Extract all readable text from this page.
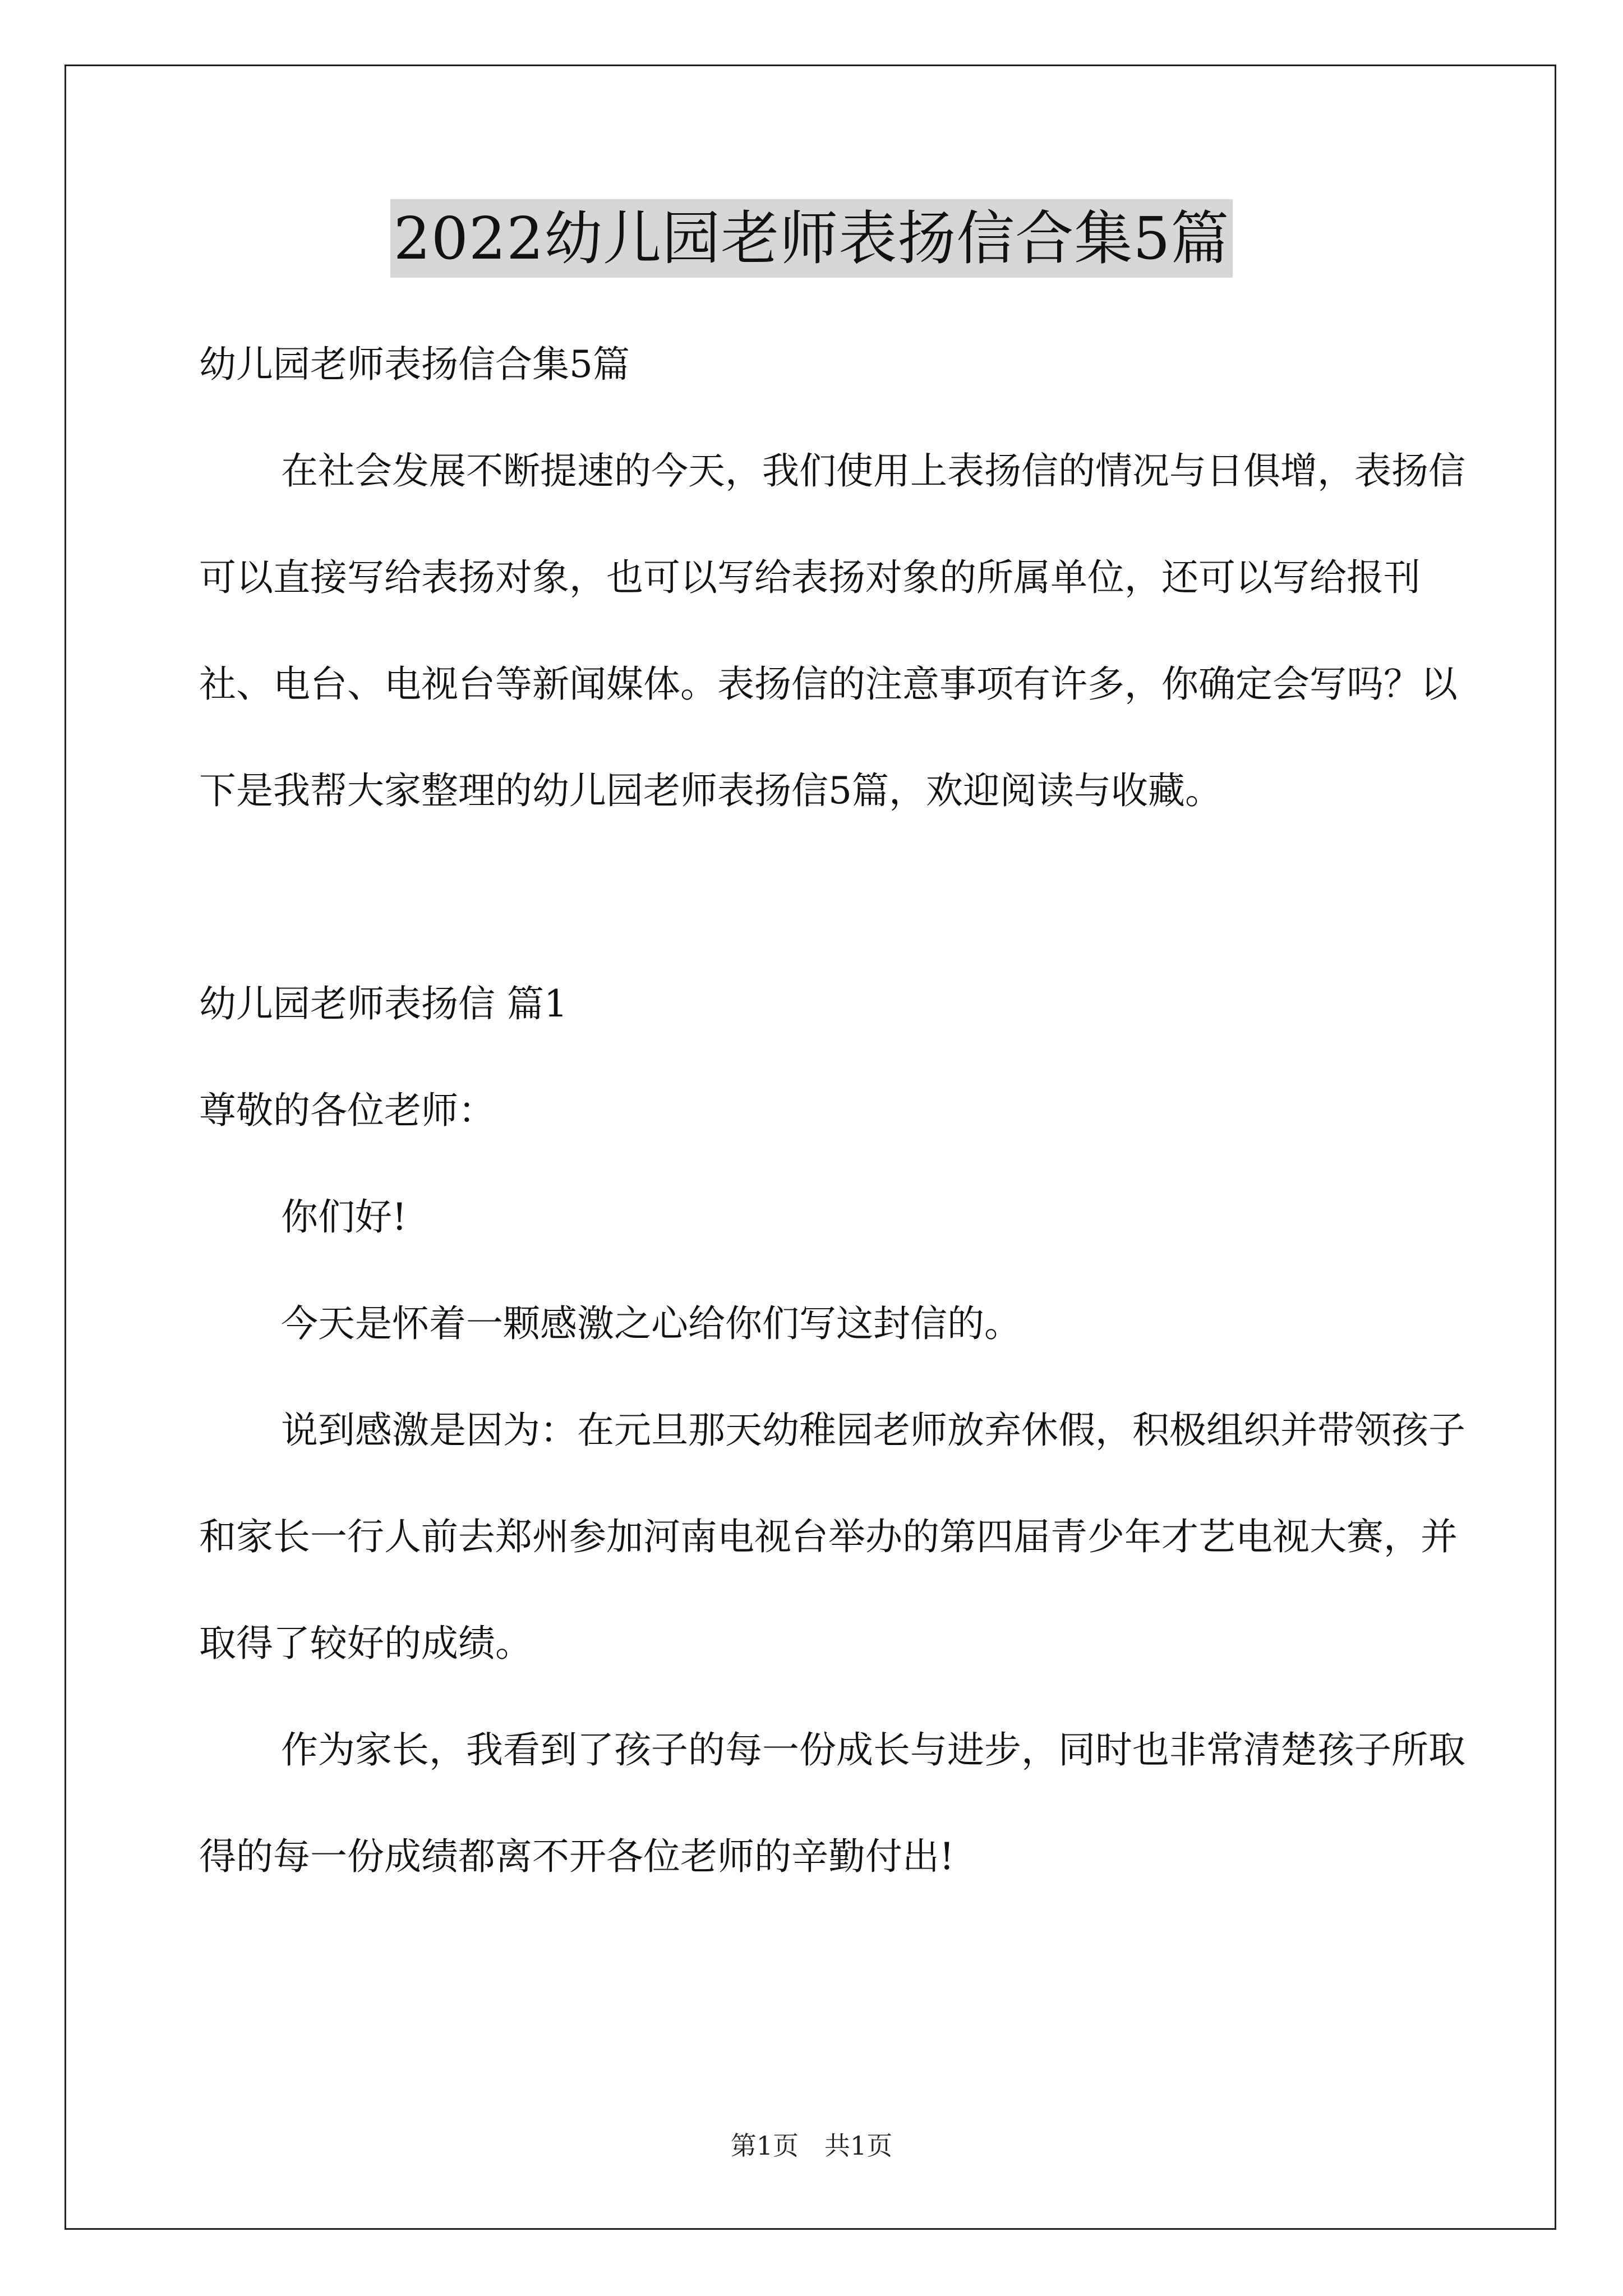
2022幼儿园老师表扬信合集5篇

幼儿园老师表扬信合集5篇

在社会发展不断提速的今天，我们使用上表扬信的情况与日俱增，表扬信可以直接写给表扬对象，也可以写给表扬对象的所属单位，还可以写给报刊社、电台、电视台等新闻媒体。表扬信的注意事项有许多，你确定会写吗？以下是我帮大家整理的幼儿园老师表扬信5篇，欢迎阅读与收藏。

幼儿园老师表扬信 篇1

尊敬的各位老师：

你们好!

今天是怀着一颗感激之心给你们写这封信的。

说到感激是因为：在元旦那天幼稚园老师放弃休假，积极组织并带领孩子和家长一行人前去郑州参加河南电视台举办的第四届青少年才艺电视大赛，并取得了较好的成绩。

作为家长，我看到了孩子的每一份成长与进步，同时也非常清楚孩子所取得的每一份成绩都离不开各位老师的辛勤付出!

第1页　共1页
